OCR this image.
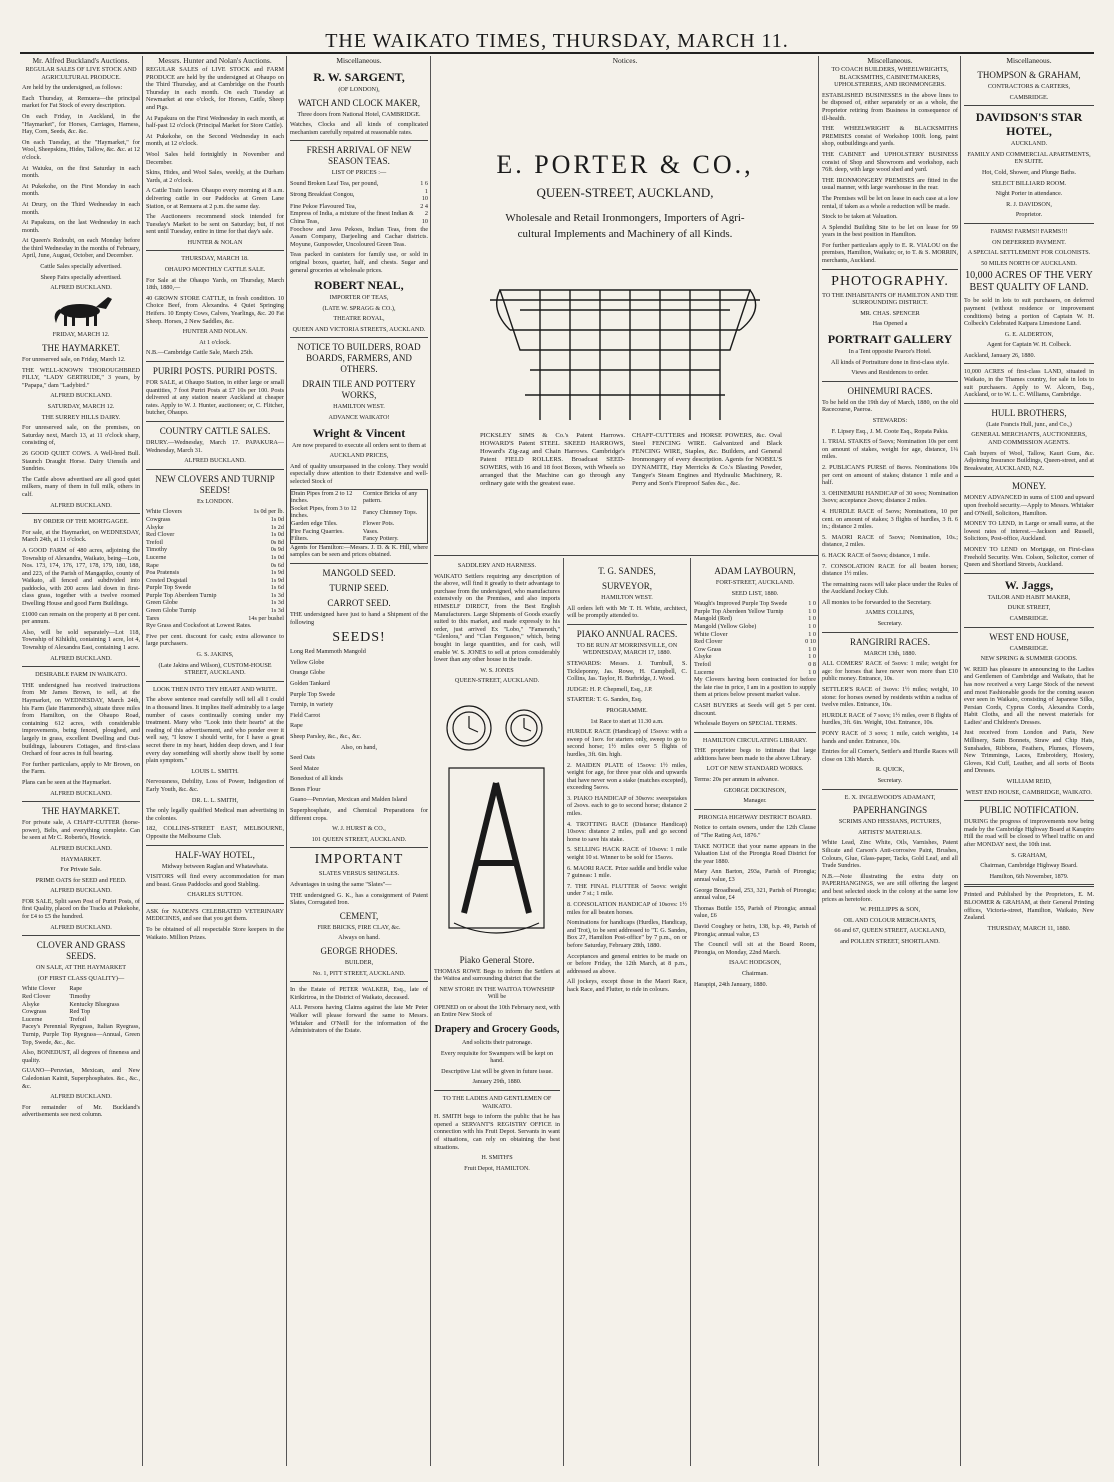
THE WAIKATO TIMES, THURSDAY, MARCH 11.
Mr. Alfred Buckland's Auctions.

REGULAR SALES OF LIVE STOCK AND AGRICULTURAL PRODUCE.

Are held by the undersigned, as follows:

Each Thursday, at Remuera—the principal market for Fat Stock of every description.

On each Friday, in Auckland, in the "Haymarket", for Horses, Carriages, Harness, Hay, Corn, Seeds, &c. &c.

On each Tuesday, at the "Haymarket," for Wool, Sheepskins, Hides, Tallow, &c. &c. at 12 o'clock.

At Waiuku, on the first Saturday in each month.

At Pukekohe, on the First Monday in each month.

At Drury, on the Third Wednesday in each month.

At Papakura, on the last Wednesday in each month.

At Queen's Redoubt, on each Monday before the third Wednesday in the months of February, April, June, August, October, and December.

Cattle Sales specially advertised.

Sheep Fairs specially advertised.

ALFRED BUCKLAND.

FRIDAY, MARCH 12.

THE HAYMARKET.

For unreserved sale, on Friday, March 12.

THE WELL-KNOWN THOROUGHBRED FILLY, "LADY GERTRUDE," 3 years, by "Papapa," dam "Ladybird."

ALFRED BUCKLAND.

SATURDAY, MARCH 12.

THE SURREY HILLS DAIRY.

For unreserved sale, on the premises, on Saturday next, March 13, at 11 o'clock sharp, consisting of,

26 GOOD QUIET COWS. A Well-bred Bull. Staunch Draught Horse. Dairy Utensils and Sundries.

The Cattle above advertised are all good quiet milkers, many of them in full milk, others in calf.

ALFRED BUCKLAND.

BY ORDER OF THE MORTGAGEE.

For sale, at the Haymarket, on WEDNESDAY, March 24th, at 11 o'clock.

A GOOD FARM of 480 acres, adjoining the Township of Alexandra, Waikato, being—Lots, Nos. 173, 174, 176, 177, 178, 179, 180, 188, and 223, of the Parish of Mangapiko, county of Waikato, all fenced and subdivided into paddocks, with 200 acres laid down in first-class grass, together with a twelve roomed Dwelling House and good Farm Buildings.

£1000 can remain on the property at 8 per cent. per annum.

Also, will be sold separately—Lot 118, Township of Kihikihi, containing 1 acre, lot 4, Township of Alexandra East, containing 1 acre.

ALFRED BUCKLAND.

DESIRABLE FARM IN WAIKATO.

THE undersigned has received instructions from Mr James Brown, to sell, at the Haymarket, on WEDNESDAY, March 24th, his Farm (late Hammond's), situate three miles from Hamilton, on the Ohaupo Road, containing 612 acres, with considerable improvements, being fenced, ploughed, and largely in grass, excellent Dwelling and Out-buildings, labourers Cottages, and first-class Orchard of four acres in full bearing.

For further particulars, apply to Mr Brown, on the Farm.

Plans can be seen at the Haymarket.

ALFRED BUCKLAND.

THE HAYMARKET.

For private sale, A CHAFF-CUTTER (horse-power), Belts, and everything complete. Can be seen at Mr C. Roberts's, Howick.

ALFRED BUCKLAND.

HAYMARKET.

For Private Sale.

PRIME OATS for SEED and FEED.

ALFRED BUCKLAND.

FOR SALE, Split sawn Post of Puriri Posts, of first Quality, placed on the Tracks at Pukekohe, for £4 to £5 the hundred.

ALFRED BUCKLAND.

CLOVER AND GRASS SEEDS.

ON SALE, AT THE HAYMARKET

(OF FIRST CLASS QUALITY)—

White Clover	Rape
Red Clover	Timothy
Alsyke	Kentucky Bluegrass
Cowgrass	Red Top
Lucerne	Trefoil

Pacey's Perennial Ryegrass, Italian Ryegrass, Turnip, Purple Top Ryegrass—Annual, Green Top, Swede, &c., &c.

Also, BONEDUST, all degrees of fineness and quality.

GUANO—Peruvian, Mexican, and New Caledonian Kainit, Superphosphates. &c., &c., &c.

ALFRED BUCKLAND.

For remainder of Mr. Buckland's advertisements see next column.

Messrs. Hunter and Nolan's Auctions.

REGULAR SALES of LIVE STOCK and FARM PRODUCE are held by the undersigned at Ohaupo on the Third Thursday, and at Cambridge on the Fourth Thursday in each month. On each Tuesday at Newmarket at one o'clock, for Horses, Cattle, Sheep and Pigs.

At Papakura on the First Wednesday in each month, at half-past 12 o'clock (Principal Market for Store Cattle).

At Pukekohe, on the Second Wednesday in each month, at 12 o'clock.

Wool Sales held fortnightly in November and December.

Skins, Hides, and Wool Sales, weekly, at the Durham Yards, at 2 o'clock.

A Cattle Train leaves Ohaupo every morning at 8 a.m. delivering cattle in our Paddocks at Green Lane Station, or at Remuera at 2 p.m. the same day.

The Auctioneers recommend stock intended for Tuesday's Market to be sent on Saturday; but, if not sent until Tuesday, entire in time for that day's sale.

HUNTER & NOLAN

THURSDAY, MARCH 18.

OHAUPO MONTHLY CATTLE SALE.

For Sale at the Ohaupo Yards, on Thursday, March 18th, 1880,—

40 GROWN STORE CATTLE, in fresh condition. 10 Choice Beef, from Alexandra. 4 Quiet Springing Heifers. 10 Empty Cows, Calves, Yearlings, &c. 20 Fat Sheep. Horses, 2 New Saddles, &c.

HUNTER AND NOLAN.

At 1 o'clock.

N.B.—Cambridge Cattle Sale, March 25th.

PURIRI POSTS. PURIRI POSTS.

FOR SALE, at Ohaupo Station, in either large or small quantities, 7 foot Puriri Posts at £7 10s per 100. Posts delivered at any station nearer Auckland at cheaper rates. Apply to W. J. Hunter, auctioneer; or, C. Flitcher, butcher, Ohaupo.

COUNTRY CATTLE SALES.

DRURY.—Wednesday, March 17. PAPAKURA—Wednesday, March 31.

ALFRED BUCKLAND.

NEW CLOVERS AND TURNIP SEEDS!

Ex LONDON.

White Clovers	1s 0d per lb.
Cowgrass	1s 0d
Alsyke	1s 2d
Red Clover	1s 0d
Trefoil	0s 8d
Timothy	0s 9d
Lucerne	1s 0d
Rape	0s 6d
Poa Pratensis	1s 9d
Crested Dogstail	1s 9d
Purple Top Swede	1s 6d
Purple Top Aberdeen Turnip	1s 3d
Green Globe	1s 3d
Green Globe Turnip	1s 3d
Tares	14s per bushel

Rye Grass and Cocksfoot at Lowest Rates.

Five per cent. discount for cash; extra allowance to large purchasers.

G. S. JAKINS,

(Late Jakins and Wilson), CUSTOM-HOUSE STREET, AUCKLAND.

LOOK THEN INTO THY HEART AND WRITE.

The above sentence read carefully will tell all I could in a thousand lines. It implies itself admirably to a large number of cases continually coming under my treatment. Many who "Look into their hearts" at the reading of this advertisement, and who ponder over it well say, "I know I should write, for I have a great secret there in my heart, hidden deep down, and I fear every day something will shortly show itself by some plain symptom."

LOUIS L. SMITH.

Nervousness, Debility, Loss of Power, Indigestion of Early Youth, &c. &c.

DR. L. L. SMITH,

The only legally qualified Medical man advertising in the colonies.

182, COLLINS-STREET EAST, MELBOURNE, Opposite the Melbourne Club.

HALF-WAY HOTEL,

Midway between Raglan and Whatawhata.

VISITORS will find every accommodation for man and beast. Grass Paddocks and good Stabling.

CHARLES SUTTON.

ASK for NADEN'S CELEBRATED VETERINARY MEDICINES, and see that you get them.

To be obtained of all respectable Store keepers in the Waikato. Million Prizes.

Miscellaneous.

R. W. SARGENT,

(OF LONDON),

WATCH AND CLOCK MAKER,

Three doors from National Hotel, CAMBRIDGE.

Watches, Clocks and all kinds of complicated mechanism carefully repaired at reasonable rates.

FRESH ARRIVAL OF NEW SEASON TEAS.

LIST OF PRICES :—

Sound Broken Leaf Tea, per pound,	1 6
Strong Breakfast Congou,	1 10
Fine Pekoe Flavoured Tea,	2 4
Empress of India, a mixture of the finest Indian & China Teas,	2 10

Foochow and Java Pekoes, Indian Teas, from the Assam Company, Darjeeling and Cachar districts. Moyune, Gunpowder, Uncoloured Green Teas.

Teas packed in canisters for family use, or sold in original boxes, quarter, half, and chests. Sugar and general groceries at wholesale prices.

ROBERT NEAL,

IMPORTER OF TEAS,

(LATE W. SPRAGG & CO.),

THEATRE ROYAL,

QUEEN AND VICTORIA STREETS, AUCKLAND.

NOTICE TO BUILDERS, ROAD BOARDS, FARMERS, AND OTHERS.

DRAIN TILE AND POTTERY WORKS,

HAMILTON WEST.

ADVANCE WAIKATO!

Wright & Vincent

Are now prepared to execute all orders sent to them at

AUCKLAND PRICES,

And of quality unsurpassed in the colony. They would especially draw attention to their Extensive and well-selected Stock of

Drain Pipes from 2 to 12 inches.	Cornice Bricks of any pattern.
Socket Pipes, from 3 to 12 inches.	Fancy Chimney Tops.
Garden edge Tiles.	Flower Pots.
Fire Facing Quarries.	Vases.
Filters.	Fancy Pottery.

Agents for Hamilton:—Messrs. J. D. & K. Hill, where samples can be seen and prices obtained.

MANGOLD SEED.

TURNIP SEED.

CARROT SEED.

THE undersigned have just to hand a Shipment of the following

SEEDS!

Long Red Mammoth Mangold

Yellow Globe

Orange Globe

Golden Tankard

Purple Top Swede

Turnip, in variety

Field Carrot

Rape

Sheep Parsley, &c., &c., &c.

Also, on hand,

Seed Oats

Seed Maize

Bonedust of all kinds

Bones Flour

Guano—Peruvian, Mexican and Malden Island

Superphosphate, and Chemical Preparations for different crops.

W. J. HURST & CO.,

101 QUEEN STREET, AUCKLAND.

IMPORTANT

SLATES VERSUS SHINGLES.

Advantages in using the same "Slates"—

THE undersigned G. K., has a consignment of Patent Slates, Corrugated Iron.

CEMENT,

FIRE BRICKS, FIRE CLAY, &c.

Always on hand.

GEORGE RHODES.

BUILDER,

No. 1, PITT STREET, AUCKLAND.

In the Estate of PETER WALKER, Esq., late of Kirikiriroa, in the District of Waikato, deceased.

ALL Persons having Claims against the late Mr Peter Walker will please forward the same to Messrs. Whitaker and O'Neill for the information of the Administrators of the Estate.

Notices.
E. PORTER & CO.,
QUEEN-STREET, AUCKLAND,
Wholesale and Retail Ironmongers, Importers of Agri-
cultural Implements and Machinery of all Kinds.

PICKSLEY SIMS & Co.'s Patent Harrows. HOWARD'S Patent STEEL SKEED HARROWS, Howard's Zig-zag and Chain Harrows. Cambridge's Patent FIELD ROLLERS. Broadcast SEED-SOWERS, with 16 and 18 foot Boxes, with Wheels so arranged that the Machine can go through any ordinary gate with the greatest ease.

CHAFF-CUTTERS and HORSE POWERS, &c. Oval Steel FENCING WIRE. Galvanized and Black FENCING WIRE, Staples, &c. Builders, and General Ironmongery of every description. Agents for NOBEL'S DYNAMITE, Hay Merricks & Co.'s Blasting Powder, Tangye's Steam Engines and Hydraulic Machinery, R. Perry and Son's Fireproof Safes &c., &c.

SADDLERY AND HARNESS.

WAIKATO Settlers requiring any description of the above, will find it greatly to their advantage to purchase from the undersigned, who manufactures extensively on the Premises, and also imports HIMSELF DIRECT, from the Best English Manufacturers. Large Shipments of Goods exactly suited to this market, and made expressly to his order, just arrived Ex "Lobo," "Famenoth," "Glenlora," and "Clan Fergusson," which, being bought in large quantities, and for cash, will enable W. S. JONES to sell at prices considerably lower than any other house in the trade.

W. S. JONES

QUEEN-STREET, AUCKLAND.

Piako General Store.

THOMAS ROWE Begs to inform the Settlers at the Waitoa and surrounding district that the

NEW STORE IN THE WAITOA TOWNSHIP Will be

OPENED on or about the 10th February next, with an Entire New Stock of

Drapery and Grocery Goods,

And solicits their patronage.

Every requisite for Swampers will be kept on hand.

Descriptive List will be given in future issue.

January 29th, 1880.

TO THE LADIES AND GENTLEMEN OF WAIKATO.

H. SMITH begs to inform the public that he has opened a SERVANT'S REGISTRY OFFICE in connection with his Fruit Depot. Servants in want of situations, can rely on obtaining the best situations.

H. SMITH'S

Fruit Depot, HAMILTON.

T. G. SANDES,

SURVEYOR,

HAMILTON WEST.

All orders left with Mr T. H. White, architect, will be promptly attended to.

PIAKO ANNUAL RACES.

TO BE RUN AT MORRINSVILLE, ON WEDNESDAY, MARCH 17, 1880.

STEWARDS: Messrs. J. Turnbull, S. Tickleponny, Jas. Rowe, H. Campbell, C. Collins, Jas. Taylor, H. Burbridge, J. Wood.

JUDGE: H. P. Chepmell, Esq., J.P.

STARTER: T. G. Sandes, Esq.

PROGRAMME.

1st Race to start at 11.30 a.m.

HURDLE RACE (Handicap) of 15sovs: with a sweep of 1sov. for starters only, sweep to go to second horse; 1½ miles over 5 flights of hurdles, 3ft. 6in. high.

2. MAIDEN PLATE of 15sovs: 1½ miles, weight for age, for three year olds and upwards that have never won a stake (matches excepted), exceeding 5sovs.

3. PIAKO HANDICAP of 30sovs: sweepstakes of 2sovs. each to go to second horse; distance 2 miles.

4. TROTTING RACE (Distance Handicap) 10sovs: distance 2 miles, pull and go second horse to save his stake.

5. SELLING HACK RACE of 10sovs: 1 mile weight 10 st. Winner to be sold for 15sovs.

6. MAORI RACE. Prize saddle and bridle value 7 guineas: 1 mile.

7. THE FINAL FLUTTER of 5sovs: weight under 7 st.; 1 mile.

8. CONSOLATION HANDICAP of 10sovs: 1½ miles for all beaten horses.

Nominations for handicaps (Hurdles, Handicap, and Trot), to be sent addressed to "T. G. Sandes, Box 27, Hamilton Post-office" by 7 p.m., on or before Saturday, February 28th, 1880.

Acceptances and general entries to be made on or before Friday, the 12th March, at 8 p.m., addressed as above.

All jockeys, except those in the Maori Race, hack Race, and Flutter, to ride in colours.

ADAM LAYBOURN,

FORT-STREET, AUCKLAND.

SEED LIST, 1880.

Waugh's Improved Purple Top Swede	1 0
Purple Top Aberdeen Yellow Turnip	1 0
Mangold (Red)	1 0
Mangold (Yellow Globe)	1 0
White Clover	1 0
Red Clover	0 10
Cow Grass	1 0
Alsyke	1 0
Trefoil	0 8
Lucerne	1 0

My Clovers having been contracted for before the late rise in price, I am in a position to supply them at prices below present market value.

CASH BUYERS at Seeds will get 5 per cent. discount.

Wholesale Buyers on SPECIAL TERMS.

HAMILTON CIRCULATING LIBRARY.

THE proprietor begs to intimate that large additions have been made to the above Library.

LOT OF NEW STANDARD WORKS.

Terms: 20s per annum in advance.

GEORGE DICKINSON,

Manager.

PIRONGIA HIGHWAY DISTRICT BOARD.

Notice to certain owners, under the 12th Clause of "The Rating Act, 1876."

TAKE NOTICE that your name appears in the Valuation List of the Pirongia Road District for the year 1880.

Mary Ann Barton, 293a, Parish of Pirongia; annual value, £3

George Broadhead, 253, 321, Parish of Pirongia; annual value, £4

Thomas Buttle 155, Parish of Pirongia; annual value, £6

David Coughey or heirs, 138, b.p. 49, Parish of Pirongia; annual value, £3

The Council will sit at the Board Room, Pirongia, on Monday, 22nd March.

ISAAC HODGSON,

Chairman.

Harapipi, 24th January, 1880.

Miscellaneous.

TO COACH BUILDERS, WHEELWRIGHTS, BLACKSMITHS, CABINETMAKERS, UPHOLSTERERS, AND IRONMONGERS.

ESTABLISHED BUSINESSES in the above lines to be disposed of, either separately or as a whole, the Proprietor retiring from Business in consequence of ill-health.

THE WHEELWRIGHT & BLACKSMITHS PREMISES consist of Workshop 100ft. long, paint shop, outbuildings and yards.

THE CABINET and UPHOLSTERY BUSINESS consist of Shop and Showroom and workshop, each 76ft. deep, with large wood shed and yard.

THE IRONMONGERY PREMISES are fitted in the usual manner, with large warehouse in the rear.

The Premises will be let on lease in each case at a low rental, if taken as a whole a reduction will be made.

Stock to be taken at Valuation.

A Splendid Building Site to be let on lease for 99 years in the best position in Hamilton.

For further particulars apply to E. R. VIALOU on the premises, Hamilton, Waikato; or, to T. & S. MORRIN, merchants, Auckland.

PHOTOGRAPHY.

TO THE INHABITANTS OF HAMILTON AND THE SURROUNDING DISTRICT.

MR. CHAS. SPENCER

Has Opened a

PORTRAIT GALLERY

In a Tent opposite Pearce's Hotel.

All kinds of Portraiture done in first-class style.

Views and Residences to order.

OHINEMURI RACES.

To be held on the 19th day of March, 1880, on the old Racecourse, Paeroa.

STEWARDS:

F. Lipsey Esq., J. M. Coote Esq., Ropata Pakia.

1. TRIAL STAKES of 5sovs; Nomination 10s per cent on amount of stakes, weight for age, distance, 1¼ miles.

2. PUBLICAN'S PURSE of 8sovs. Nominations 10s per cent on amount of stakes; distance 1 mile and a half.

3. OHINEMURI HANDICAP of 30 sovs; Nomination 3sovs; acceptance 2sovs; distance 2 miles.

4. HURDLE RACE of 5sovs; Nominations, 10 per cent. on amount of stakes; 3 flights of hurdles, 3 ft. 6 in.; distance 2 miles.

5. MAORI RACE of 5sovs; Nomination, 10s.; distance, 2 miles.

6. HACK RACE of 5sovs; distance, 1 mile.

7. CONSOLATION RACE for all beaten horses; distance 1½ miles.

The remaining races will take place under the Rules of the Auckland Jockey Club.

All monies to be forwarded to the Secretary.

JAMES COLLINS,

Secretary.

RANGIRIRI RACES.

MARCH 13th, 1880.

ALL COMERS' RACE of 5sovs: 1 mile; weight for age: for horses that have never won more than £10 public money. Entrance, 10s.

SETTLER'S RACE of 3sovs: 1½ miles; weight, 10 stone: for horses owned by residents within a radius of twelve miles. Entrance, 10s.

HURDLE RACE of 7 sovs; 1½ miles, over 8 flights of hurdles, 3ft. 6in. Weight, 10st. Entrance, 10s.

PONY RACE of 3 sovs; 1 mile, catch weights, 14 hands and under. Entrance, 10s.

Entries for all Comer's, Settler's and Hurdle Races will close on 13th March.

R. QUICK,

Secretary.

E. X. INGLEWOOD'S ADAMANT,

PAPERHANGINGS

SCRIMS AND HESSIANS, PICTURES,

ARTISTS' MATERIALS.

White Lead, Zinc White, Oils, Varnishes, Patent Silicate and Carson's Anti-corrosive Paint, Brushes, Colours, Glue, Glass-paper, Tacks, Gold Leaf, and all Trade Sundries.

N.B.—Note illustrating the extra duty on PAPERHANGINGS, we are still offering the largest and best selected stock in the colony at the same low prices as heretofore.

W. PHILLIPPS & SON,

OIL AND COLOUR MERCHANTS,

66 and 67, QUEEN STREET, AUCKLAND,

and POLLEN STREET, SHORTLAND.

Miscellaneous.

THOMPSON & GRAHAM,

CONTRACTORS & CARTERS,

CAMBRIDGE.

DAVIDSON'S STAR HOTEL,

AUCKLAND.

FAMILY AND COMMERCIAL APARTMENTS, EN SUITE.

Hot, Cold, Shower, and Plunge Baths.

SELECT BILLIARD ROOM.

Night Porter in attendance.

R. J. DAVIDSON,

Proprietor.

FARMS! FARMS!! FARMS!!!

ON DEFERRED PAYMENT.

A SPECIAL SETTLEMENT FOR COLONISTS.

50 MILES NORTH OF AUCKLAND.

10,000 ACRES OF THE VERY BEST QUALITY OF LAND.

To be sold in lots to suit purchasers, on deferred payment (without residence or improvement conditions) being a portion of Captain W. H. Colbeck's Celebrated Kaipara Limestone Land.

G. E. ALDERTON,

Agent for Captain W. H. Colbeck.

Auckland, January 26, 1880.

10,000 ACRES of first-class LAND, situated in Waikato, in the Thames country, for sale in lots to suit purchasers. Apply to W. Alcorn, Esq., Auckland, or to W. L. C. Williams, Cambridge.

HULL BROTHERS,

(Late Francis Hull, junr., and Co.,)

GENERAL MERCHANTS, AUCTIONEERS, AND COMMISSION AGENTS.

Cash buyers of Wool, Tallow, Kauri Gum, &c. Adjoining Insurance Buildings, Queen-street, and at Breakwater, AUCKLAND, N.Z.

MONEY.

MONEY ADVANCED in sums of £100 and upward upon freehold security.—Apply to Messrs. Whitaker and O'Neill, Solicitors, Hamilton.

MONEY TO LEND, in Large or small sums, at the lowest rates of interest.—Jackson and Russell, Solicitors, Post-office, Auckland.

MONEY TO LEND on Mortgage, on First-class Freehold Security. Wm. Colson, Solicitor, corner of Queen and Shortland Streets, Auckland.

W. Jaggs,

TAILOR AND HABIT MAKER,

DUKE STREET,

CAMBRIDGE.

WEST END HOUSE,

CAMBRIDGE.

NEW SPRING & SUMMER GOODS.

W. REID has pleasure in announcing to the Ladies and Gentlemen of Cambridge and Waikato, that he has now received a very Large Stock of the newest and most Fashionable goods for the coming season ever seen in Waikato, consisting of Japanese Silks, Persian Cords, Cyprus Cords, Alexandra Cords, Habit Cloths, and all the newest materials for Ladies' and Children's Dresses.

Just received from London and Paris, New Millinery, Satin Bonnets, Straw and Chip Hats, Sunshades, Ribbons, Feathers, Plumes, Flowers, New Trimmings, Laces, Embroidery, Hosiery, Gloves, Kid Cuff, Leather, and all sorts of Boots and Dresses.

WILLIAM REID,

WEST END HOUSE, CAMBRIDGE, WAIKATO.

PUBLIC NOTIFICATION.

DURING the progress of improvements now being made by the Cambridge Highway Board at Karapiro Hill the road will be closed to Wheel traffic on and after MONDAY next, the 10th inst.

S. GRAHAM,

Chairman, Cambridge Highway Board.

Hamilton, 6th November, 1879.

Printed and Published by the Proprietors, E. M. BLOOMER & GRAHAM, at their General Printing offices, Victoria-street, Hamilton, Waikato, New Zealand.

THURSDAY, MARCH 11, 1880.
